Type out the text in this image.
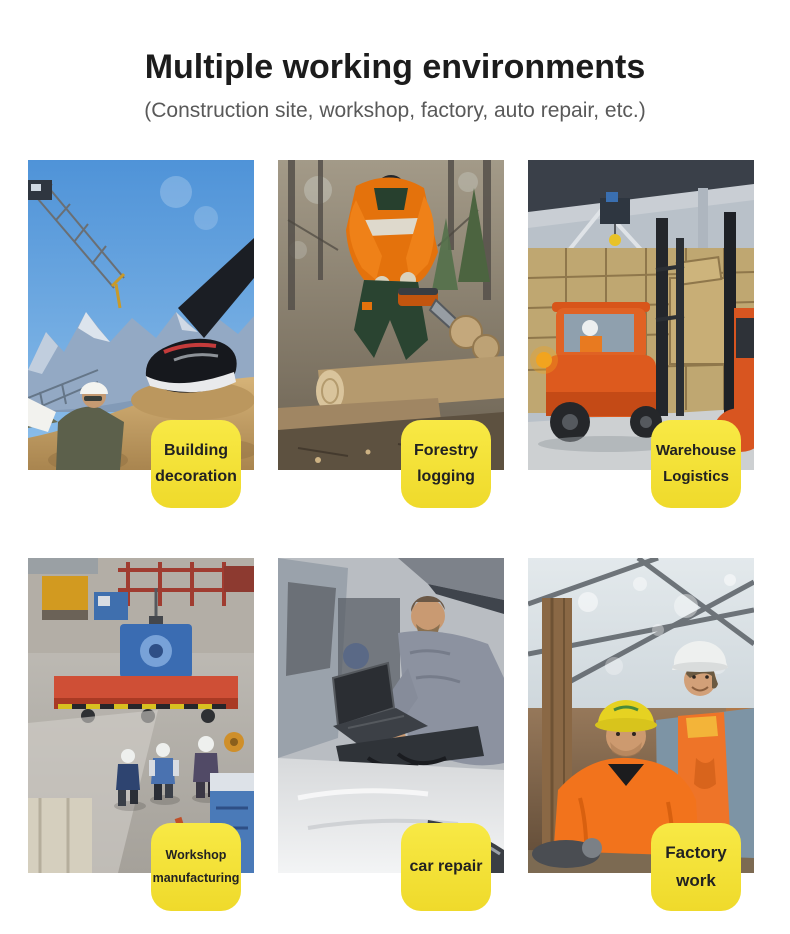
Multiple working environments
(Construction site, workshop, factory, auto repair, etc.)
Building
decoration
Forestry
logging
Warehouse
Logistics
Workshop
manufacturing
car repair
Factory
work
